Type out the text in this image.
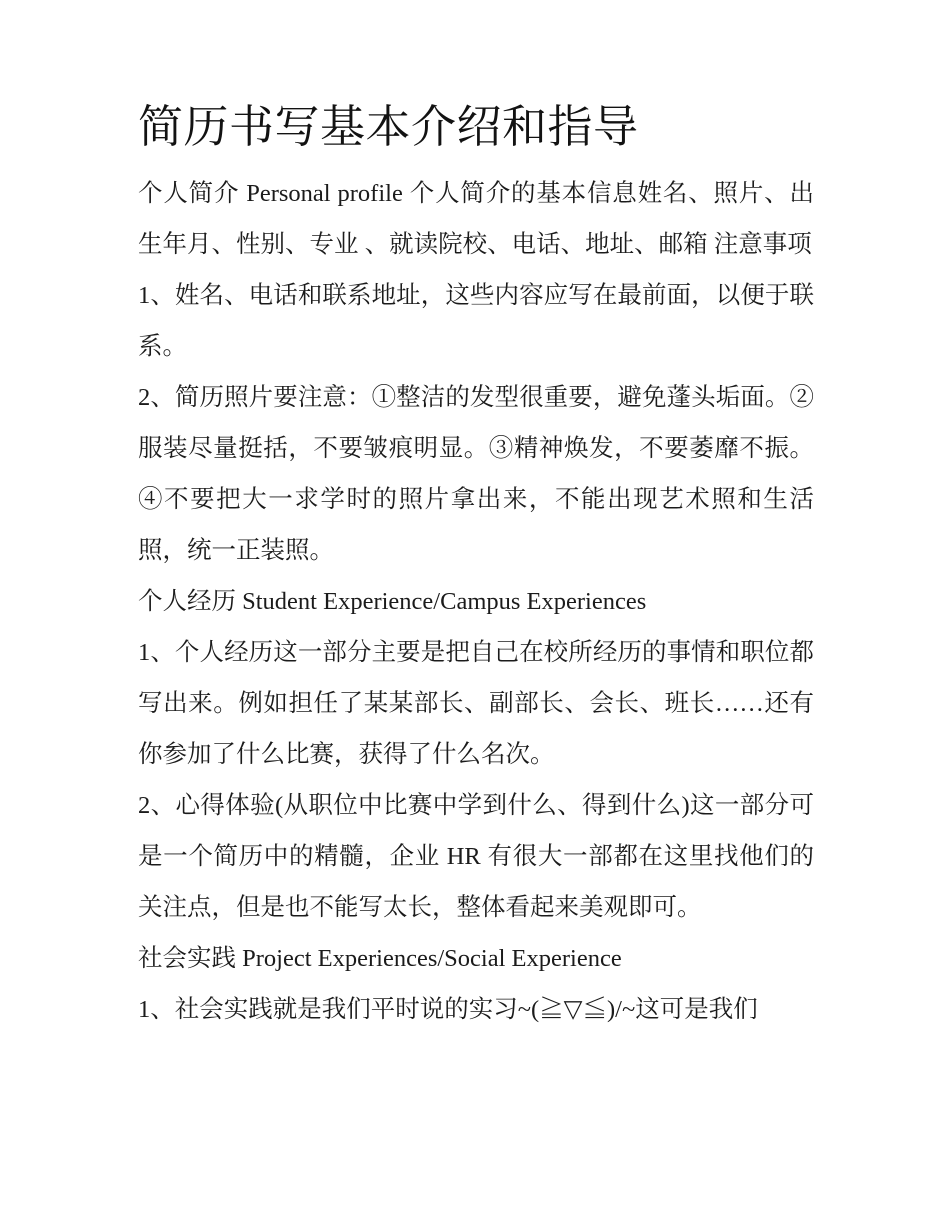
简历书写基本介绍和指导

个人简介 Personal profile 个人简介的基本信息姓名、照片、出生年月、性别、专业 、就读院校、电话、地址、邮箱 注意事项

1、姓名、电话和联系地址，这些内容应写在最前面，以便于联系。

2、简历照片要注意：①整洁的发型很重要，避免蓬头垢面。②服装尽量挺括，不要皱痕明显。③精神焕发，不要萎靡不振。④不要把大一求学时的照片拿出来，不能出现艺术照和生活照，统一正装照。

个人经历 Student Experience/Campus Experiences

1、个人经历这一部分主要是把自己在校所经历的事情和职位都写出来。例如担任了某某部长、副部长、会长、班长……还有你参加了什么比赛，获得了什么名次。

2、心得体验(从职位中比赛中学到什么、得到什么)这一部分可是一个简历中的精髓，企业 HR 有很大一部都在这里找他们的关注点，但是也不能写太长，整体看起来美观即可。

社会实践 Project Experiences/Social Experience

1、社会实践就是我们平时说的实习~(≧▽≦)/~这可是我们
